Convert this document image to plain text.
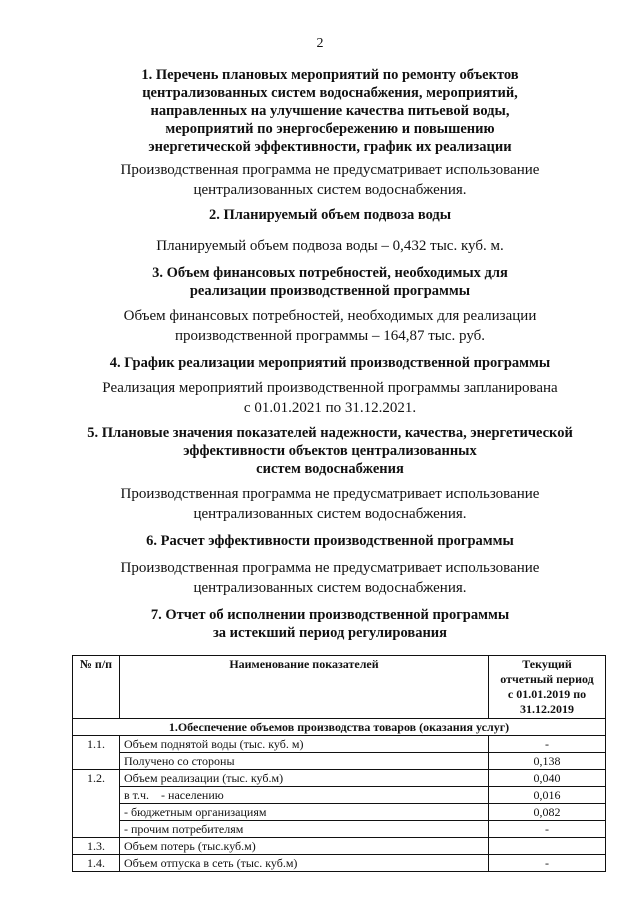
2
1. Перечень плановых мероприятий по ремонту объектов
централизованных систем водоснабжения, мероприятий,
направленных на улучшение качества питьевой воды,
мероприятий по энергосбережению и повышению
энергетической эффективности, график их реализации
Производственная программа не предусматривает использование
централизованных систем водоснабжения.
2. Планируемый объем подвоза воды
Планируемый объем подвоза воды – 0,432 тыс. куб. м.
3. Объем финансовых потребностей, необходимых для
реализации производственной программы
Объем финансовых потребностей, необходимых для реализации
производственной программы – 164,87 тыс. руб.
4. График реализации мероприятий производственной программы
Реализация мероприятий производственной программы запланирована
с 01.01.2021 по 31.12.2021.
5. Плановые значения показателей надежности, качества, энергетической
эффективности объектов централизованных
систем водоснабжения
Производственная программа не предусматривает использование
централизованных систем водоснабжения.
6. Расчет эффективности производственной программы
Производственная программа не предусматривает использование
централизованных систем водоснабжения.
7. Отчет об исполнении производственной программы
за истекший период регулирования
№ п/п	Наименование показателей	Текущий
отчетный период
с 01.01.2019 по
31.12.2019

1.Обеспечение объемов производства товаров (оказания услуг)		
1.1.	Объем поднятой воды (тыс. куб. м)	-
	Получено со стороны	0,138
1.2.	Объем реализации (тыс. куб.м)	0,040
	в т.ч. - населению	0,016
	- бюджетным организациям	0,082
	- прочим потребителям	-
1.3.	Объем потерь (тыс.куб.м)	
1.4.	Объем отпуска в сеть (тыс. куб.м)	-
